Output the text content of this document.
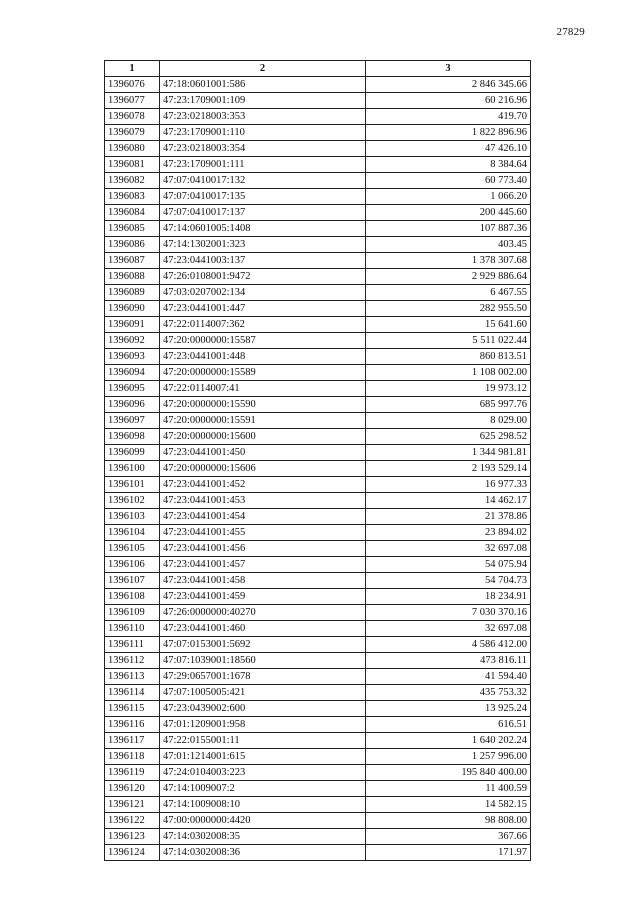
27829
1	2	3
1396076	47:18:0601001:586	2 846 345.66
1396077	47:23:1709001:109	60 216.96
1396078	47:23:0218003:353	419.70
1396079	47:23:1709001:110	1 822 896.96
1396080	47:23:0218003:354	47 426.10
1396081	47:23:1709001:111	8 384.64
1396082	47:07:0410017:132	60 773.40
1396083	47:07:0410017:135	1 066.20
1396084	47:07:0410017:137	200 445.60
1396085	47:14:0601005:1408	107 887.36
1396086	47:14:1302001:323	403.45
1396087	47:23:0441003:137	1 378 307.68
1396088	47:26:0108001:9472	2 929 886.64
1396089	47:03:0207002:134	6 467.55
1396090	47:23:0441001:447	282 955.50
1396091	47:22:0114007:362	15 641.60
1396092	47:20:0000000:15587	5 511 022.44
1396093	47:23:0441001:448	860 813.51
1396094	47:20:0000000:15589	1 108 002.00
1396095	47:22:0114007:41	19 973.12
1396096	47:20:0000000:15590	685 997.76
1396097	47:20:0000000:15591	8 029.00
1396098	47:20:0000000:15600	625 298.52
1396099	47:23:0441001:450	1 344 981.81
1396100	47:20:0000000:15606	2 193 529.14
1396101	47:23:0441001:452	16 977.33
1396102	47:23:0441001:453	14 462.17
1396103	47:23:0441001:454	21 378.86
1396104	47:23:0441001:455	23 894.02
1396105	47:23:0441001:456	32 697.08
1396106	47:23:0441001:457	54 075.94
1396107	47:23:0441001:458	54 704.73
1396108	47:23:0441001:459	18 234.91
1396109	47:26:0000000:40270	7 030 370.16
1396110	47:23:0441001:460	32 697.08
1396111	47:07:0153001:5692	4 586 412.00
1396112	47:07:1039001:18560	473 816.11
1396113	47:29:0657001:1678	41 594.40
1396114	47:07:1005005:421	435 753.32
1396115	47:23:0439002:600	13 925.24
1396116	47:01:1209001:958	616.51
1396117	47:22:0155001:11	1 640 202.24
1396118	47:01:1214001:615	1 257 996.00
1396119	47:24:0104003:223	195 840 400.00
1396120	47:14:1009007:2	11 400.59
1396121	47:14:1009008:10	14 582.15
1396122	47:00:0000000:4420	98 808.00
1396123	47:14:0302008:35	367.66
1396124	47:14:0302008:36	171.97
